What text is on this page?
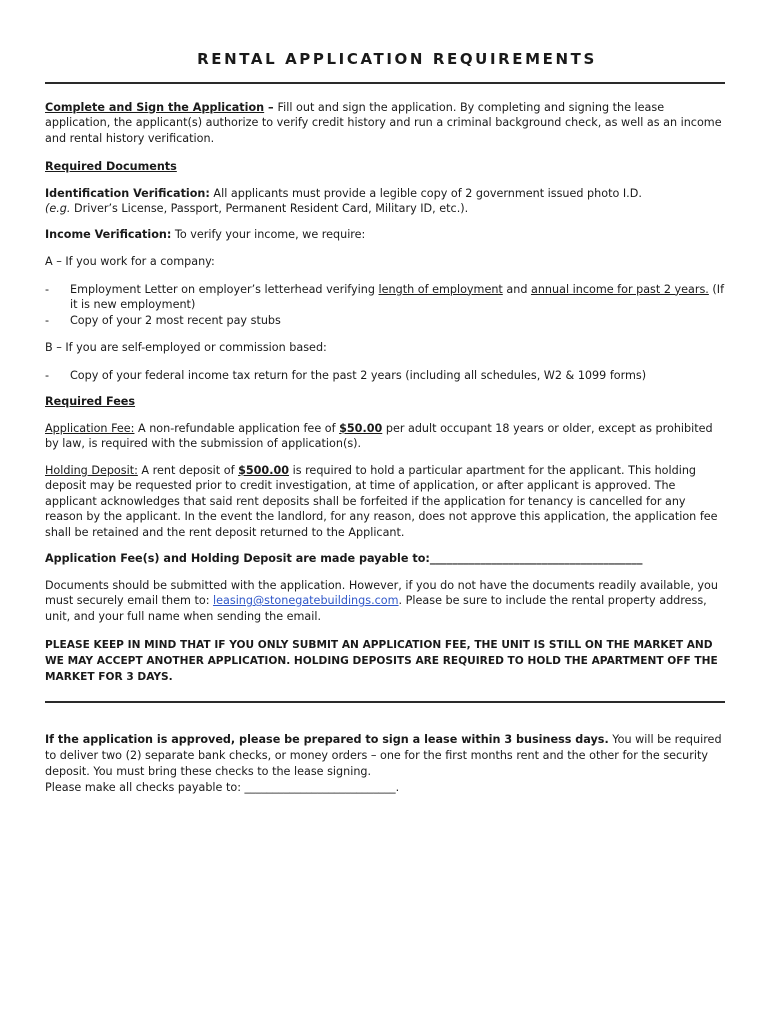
RENTAL APPLICATION REQUIREMENTS

Complete and Sign the Application – Fill out and sign the application. By completing and signing the lease application, the applicant(s) authorize to verify credit history and run a criminal background check, as well as an income and rental history verification.

Required Documents

Identification Verification: All applicants must provide a legible copy of 2 government issued photo I.D.
(e.g. Driver’s License, Passport, Permanent Resident Card, Military ID, etc.).

Income Verification: To verify your income, we require:

A – If you work for a company:

- Employment Letter on employer’s letterhead verifying length of employment and annual income for past 2 years. (If it is new employment)
- Copy of your 2 most recent pay stubs

B – If you are self-employed or commission based:

- Copy of your federal income tax return for the past 2 years (including all schedules, W2 & 1099 forms)

Required Fees

Application Fee: A non-refundable application fee of $50.00 per adult occupant 18 years or older, except as prohibited by law, is required with the submission of application(s).

Holding Deposit: A rent deposit of $500.00 is required to hold a particular apartment for the applicant. This holding deposit may be requested prior to credit investigation, at time of application, or after applicant is approved. The applicant acknowledges that said rent deposits shall be forfeited if the application for tenancy is cancelled for any reason by the applicant. In the event the landlord, for any reason, does not approve this application, the application fee shall be retained and the rent deposit returned to the Applicant.

Application Fee(s) and Holding Deposit are made payable to:______________________________________

Documents should be submitted with the application. However, if you do not have the documents readily available, you must securely email them to: leasing@stonegatebuildings.com. Please be sure to include the rental property address, unit, and your full name when sending the email.

PLEASE KEEP IN MIND THAT IF YOU ONLY SUBMIT AN APPLICATION FEE, THE UNIT IS STILL ON THE MARKET AND WE MAY ACCEPT ANOTHER APPLICATION. HOLDING DEPOSITS ARE REQUIRED TO HOLD THE APARTMENT OFF THE MARKET FOR 3 DAYS.

If the application is approved, please be prepared to sign a lease within 3 business days. You will be required to deliver two (2) separate bank checks, or money orders – one for the first months rent and the other for the security deposit. You must bring these checks to the lease signing.
Please make all checks payable to: ___________________________.
